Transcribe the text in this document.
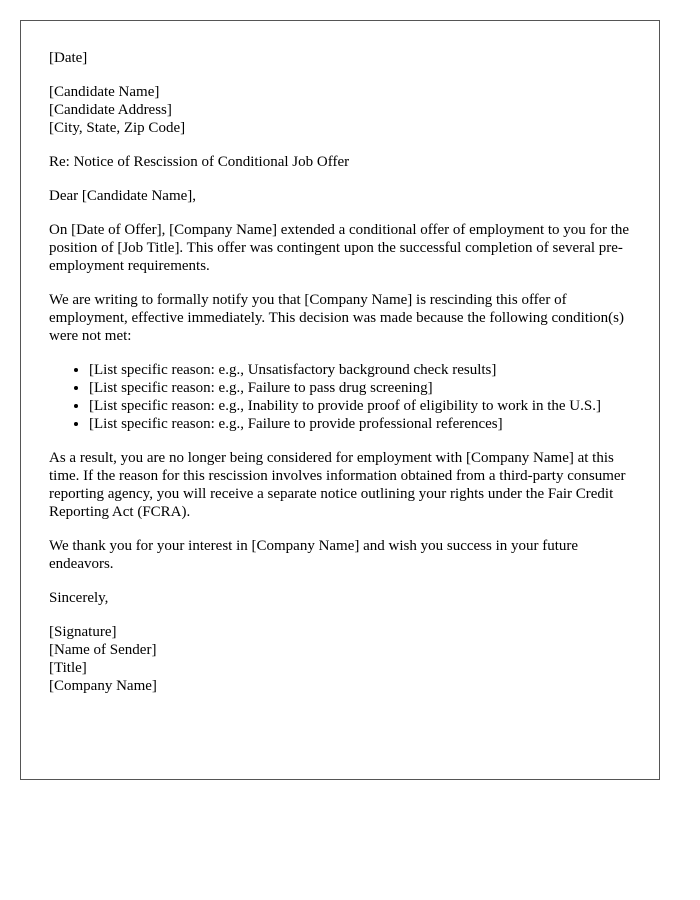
[Date]
[Candidate Name]
[Candidate Address]
[City, State, Zip Code]

Re: Notice of Rescission of Conditional Job Offer

Dear [Candidate Name],

On [Date of Offer], [Company Name] extended a conditional offer of employment to you for the position of [Job Title]. This offer was contingent upon the successful completion of several pre-employment requirements.

We are writing to formally notify you that [Company Name] is rescinding this offer of employment, effective immediately. This decision was made because the following condition(s) were not met:

• [List specific reason: e.g., Unsatisfactory background check results]
• [List specific reason: e.g., Failure to pass drug screening]
• [List specific reason: e.g., Inability to provide proof of eligibility to work in the U.S.]
• [List specific reason: e.g., Failure to provide professional references]

As a result, you are no longer being considered for employment with [Company Name] at this time. If the reason for this rescission involves information obtained from a third-party consumer reporting agency, you will receive a separate notice outlining your rights under the Fair Credit Reporting Act (FCRA).

We thank you for your interest in [Company Name] and wish you success in your future endeavors.

Sincerely,

[Signature]
[Name of Sender]
[Title]
[Company Name]
